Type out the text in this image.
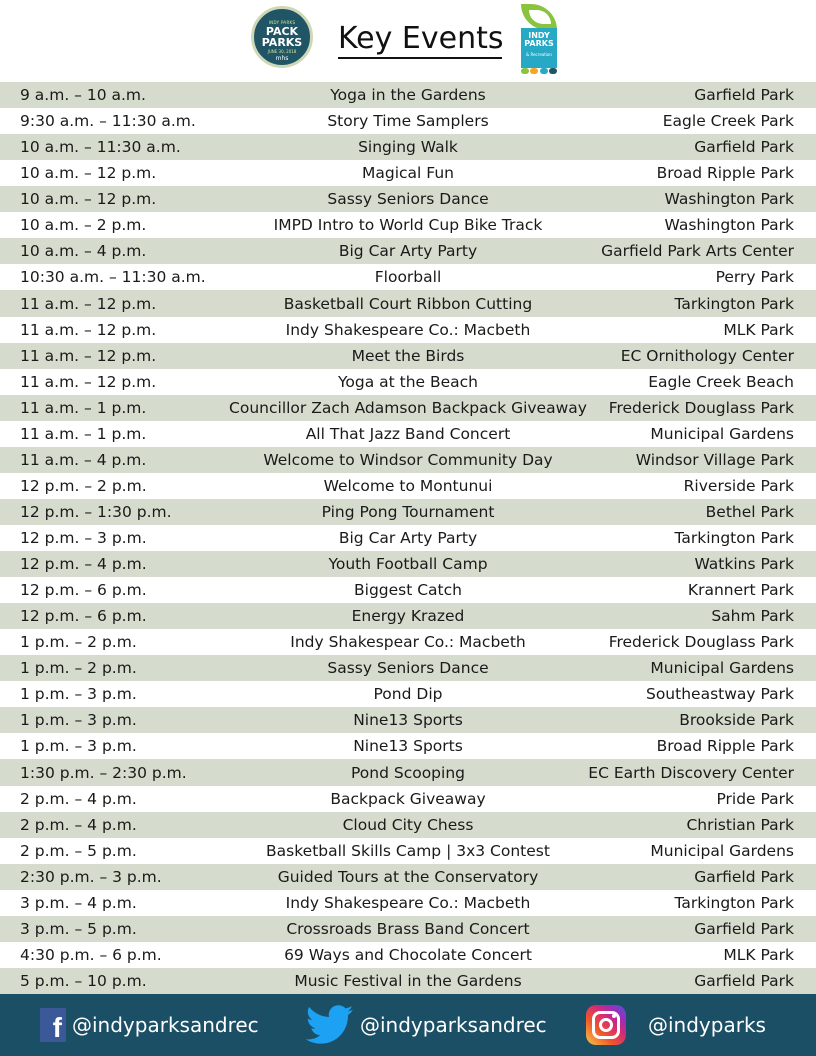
INDY PARKS
PACK PARKS
JUNE 30, 2018
mhs
Key Events	INDY
PARKS
& Recreation
9 a.m. – 10 a.m.	Yoga in the Gardens	Garfield Park
9:30 a.m. – 11:30 a.m.	Story Time Samplers	Eagle Creek Park
10 a.m. – 11:30 a.m.	Singing Walk	Garfield Park
10 a.m. – 12 p.m.	Magical Fun	Broad Ripple Park
10 a.m. – 12 p.m.	Sassy Seniors Dance	Washington Park
10 a.m. – 2 p.m.	IMPD Intro to World Cup Bike Track	Washington Park
10 a.m. – 4 p.m.	Big Car Arty Party	Garfield Park Arts Center
10:30 a.m. – 11:30 a.m.	Floorball	Perry Park
11 a.m. – 12 p.m.	Basketball Court Ribbon Cutting	Tarkington Park
11 a.m. – 12 p.m.	Indy Shakespeare Co.: Macbeth	MLK Park
11 a.m. – 12 p.m.	Meet the Birds	EC Ornithology Center
11 a.m. – 12 p.m.	Yoga at the Beach	Eagle Creek Beach
11 a.m. – 1 p.m.	Councillor Zach Adamson Backpack Giveaway	Frederick Douglass Park
11 a.m. – 1 p.m.	All That Jazz Band Concert	Municipal Gardens
11 a.m. – 4 p.m.	Welcome to Windsor Community Day	Windsor Village Park
12 p.m. – 2 p.m.	Welcome to Montunui	Riverside Park
12 p.m. – 1:30 p.m.	Ping Pong Tournament	Bethel Park
12 p.m. – 3 p.m.	Big Car Arty Party	Tarkington Park
12 p.m. – 4 p.m.	Youth Football Camp	Watkins Park
12 p.m. – 6 p.m.	Biggest Catch	Krannert Park
12 p.m. – 6 p.m.	Energy Krazed	Sahm Park
1 p.m. – 2 p.m.	Indy Shakespear Co.: Macbeth	Frederick Douglass Park
1 p.m. – 2 p.m.	Sassy Seniors Dance	Municipal Gardens
1 p.m. – 3 p.m.	Pond Dip	Southeastway Park
1 p.m. – 3 p.m.	Nine13 Sports	Brookside Park
1 p.m. – 3 p.m.	Nine13 Sports	Broad Ripple Park
1:30 p.m. – 2:30 p.m.	Pond Scooping	EC Earth Discovery Center
2 p.m. – 4 p.m.	Backpack Giveaway	Pride Park
2 p.m. – 4 p.m.	Cloud City Chess	Christian Park
2 p.m. – 5 p.m.	Basketball Skills Camp | 3x3 Contest	Municipal Gardens
2:30 p.m. – 3 p.m.	Guided Tours at the Conservatory	Garfield Park
3 p.m. – 4 p.m.	Indy Shakespeare Co.: Macbeth	Tarkington Park
3 p.m. – 5 p.m.	Crossroads Brass Band Concert	Garfield Park
4:30 p.m. – 6 p.m.	69 Ways and Chocolate Concert	MLK Park
5 p.m. – 10 p.m.	Music Festival in the Gardens	Garfield Park
f @indyparksandrec	@indyparksandrec	@indyparks
